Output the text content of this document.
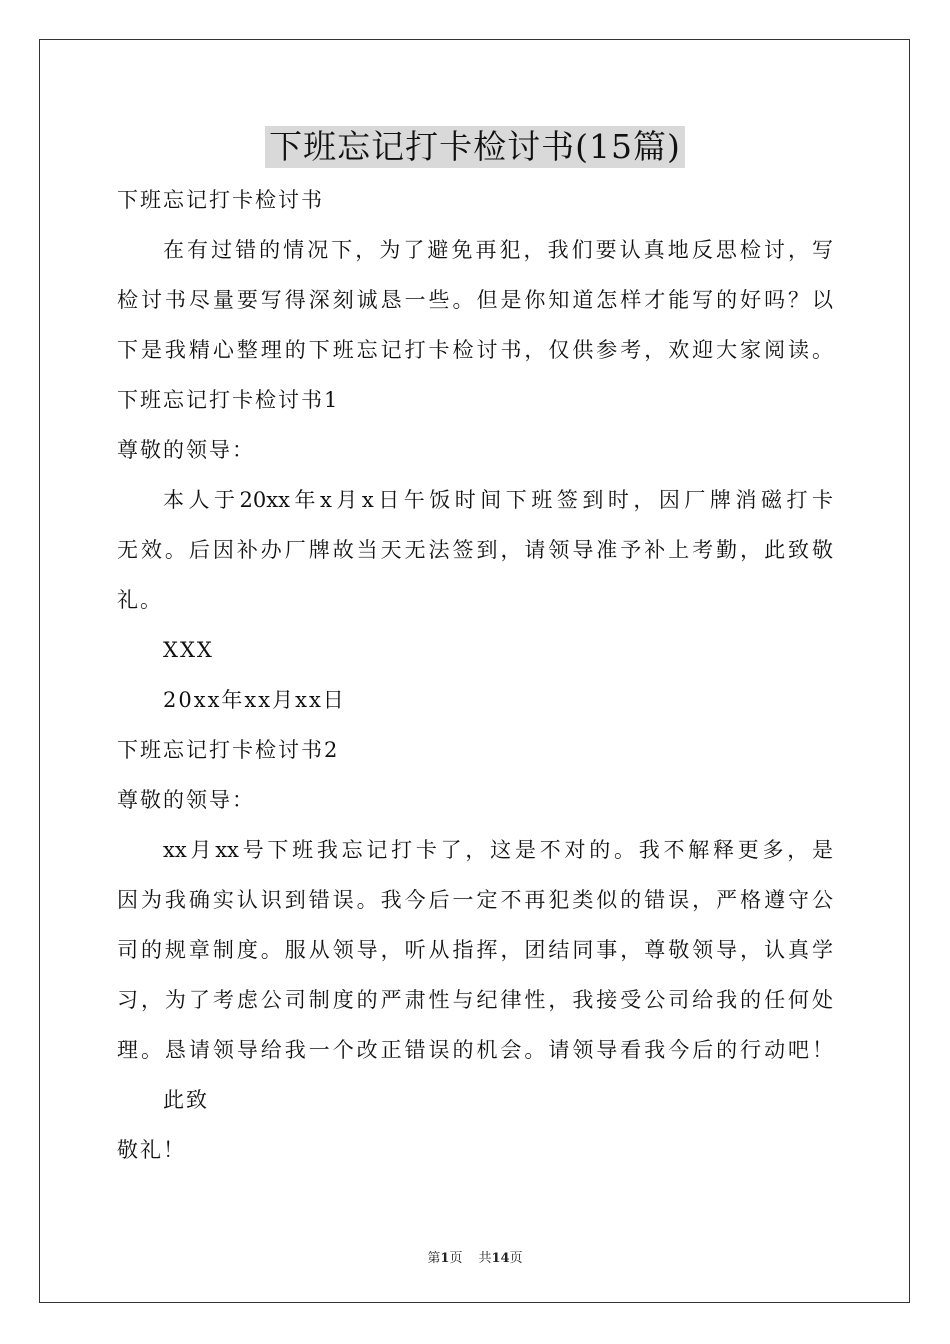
下班忘记打卡检讨书(15篇)
下班忘记打卡检讨书
在有过错的情况下，为了避免再犯，我们要认真地反思检讨，写
检讨书尽量要写得深刻诚恳一些。但是你知道怎样才能写的好吗？以
下是我精心整理的下班忘记打卡检讨书，仅供参考，欢迎大家阅读。
下班忘记打卡检讨书1
尊敬的领导：
本人于20xx年x月x日午饭时间下班签到时，因厂牌消磁打卡
无效。后因补办厂牌故当天无法签到，请领导准予补上考勤，此致敬
礼。
XXX
20xx年xx月xx日
下班忘记打卡检讨书2
尊敬的领导：
xx月xx号下班我忘记打卡了，这是不对的。我不解释更多，是
因为我确实认识到错误。我今后一定不再犯类似的错误，严格遵守公
司的规章制度。服从领导，听从指挥，团结同事，尊敬领导，认真学
习，为了考虑公司制度的严肃性与纪律性，我接受公司给我的任何处
理。恳请领导给我一个改正错误的机会。请领导看我今后的行动吧！
此致
敬礼！
第1页 共14页
